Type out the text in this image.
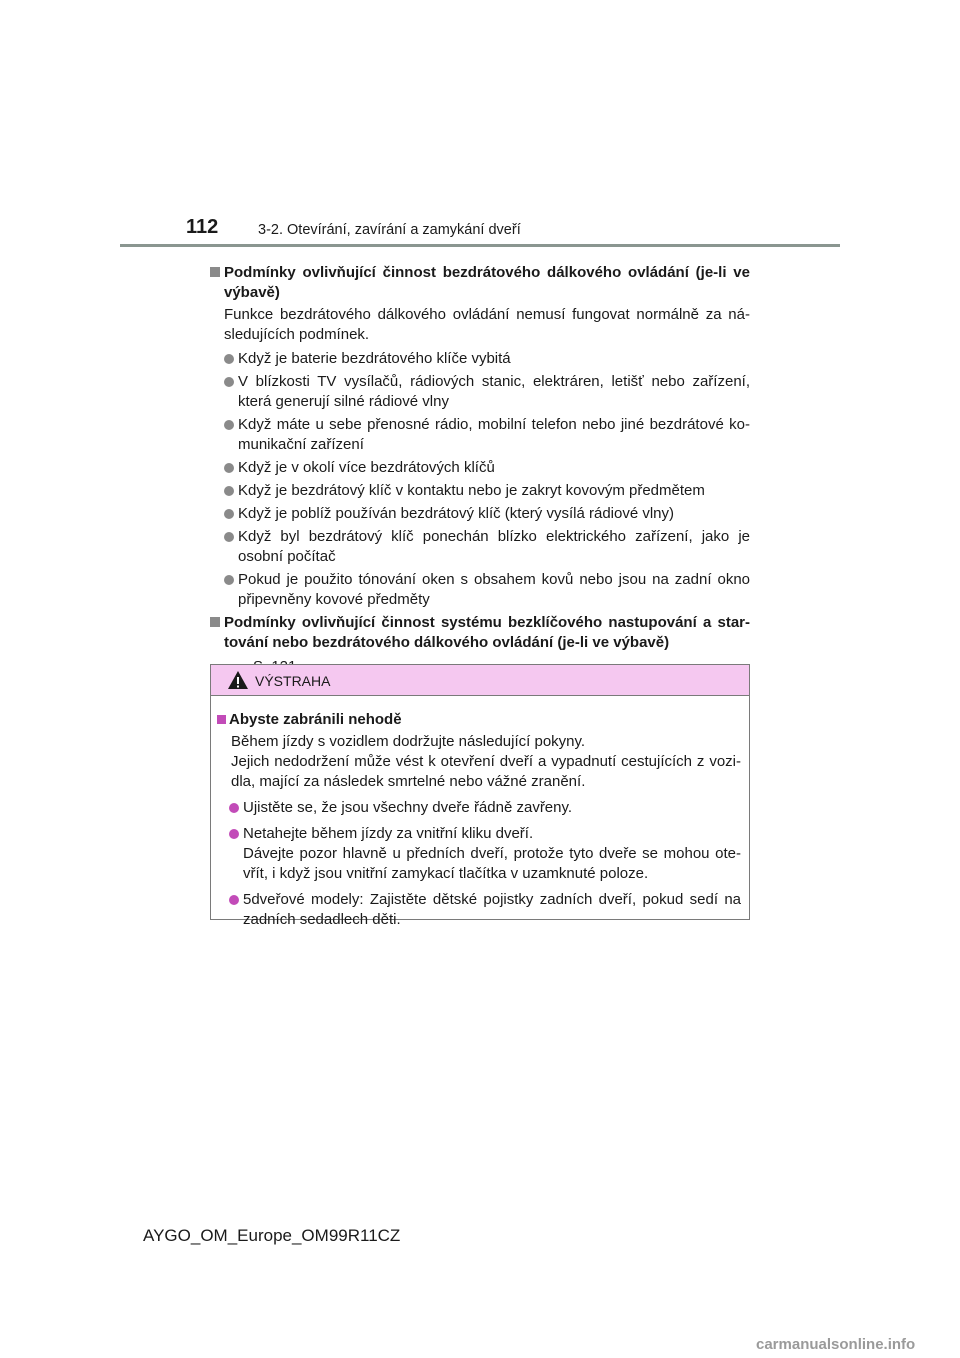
112	3-2. Otevírání, zavírání a zamykání dveří
Podmínky ovlivňující činnost bezdrátového dálkového ovládání (je-li ve výbavě)
Funkce bezdrátového dálkového ovládání nemusí fungovat normálně za ná-sledujících podmínek.
Když je baterie bezdrátového klíče vybitá
V blízkosti TV vysílačů, rádiových stanic, elektráren, letišť nebo zařízení, která generují silné rádiové vlny
Když máte u sebe přenosné rádio, mobilní telefon nebo jiné bezdrátové ko-munikační zařízení
Když je v okolí více bezdrátových klíčů
Když je bezdrátový klíč v kontaktu nebo je zakryt kovovým předmětem
Když je poblíž používán bezdrátový klíč (který vysílá rádiové vlny)
Když byl bezdrátový klíč ponechán blízko elektrického zařízení, jako je osobní počítač
Pokud je použito tónování oken s obsahem kovů nebo jsou na zadní okno připevněny kovové předměty
Podmínky ovlivňující činnost systému bezklíčového nastupování a star-tování nebo bezdrátového dálkového ovládání (je-li ve výbavě)
VÝSTRAHA
Abyste zabránili nehodě
Během jízdy s vozidlem dodržujte následující pokyny.
Jejich nedodržení může vést k otevření dveří a vypadnutí cestujících z vozi-dla, mající za následek smrtelné nebo vážné zranění.
Ujistěte se, že jsou všechny dveře řádně zavřeny.
Netahejte během jízdy za vnitřní kliku dveří.
Dávejte pozor hlavně u předních dveří, protože tyto dveře se mohou ote-vřít, i když jsou vnitřní zamykací tlačítka v uzamknuté poloze.
5dveřové modely: Zajistěte dětské pojistky zadních dveří, pokud sedí na zadních sedadlech děti.
AYGO_OM_Europe_OM99R11CZ
carmanualsonline.info
